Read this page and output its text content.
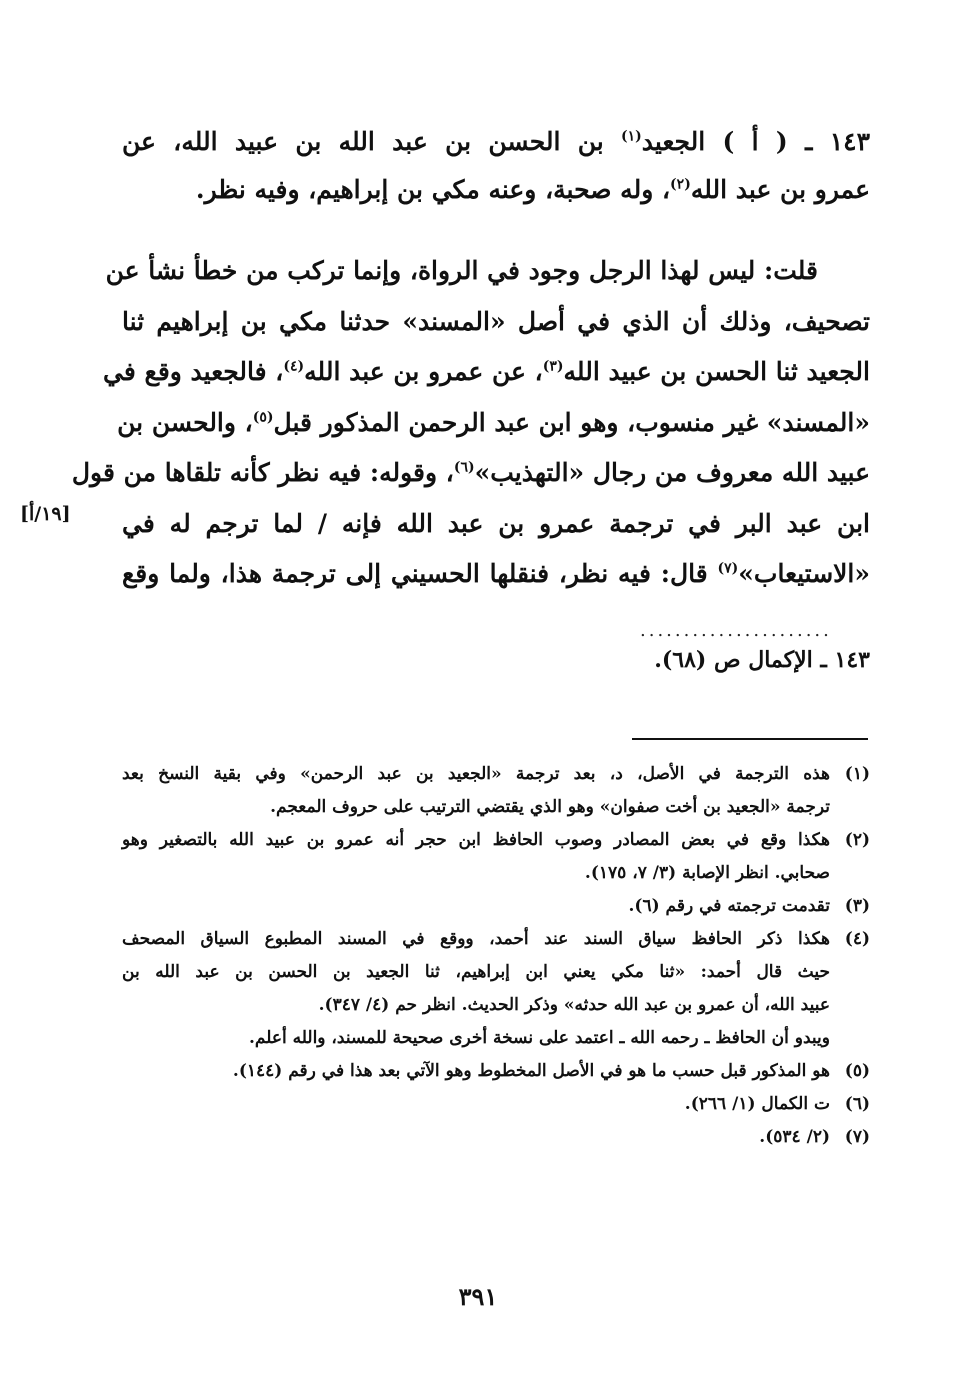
١٤٣ ـ ( أ ) الجعيد$^{(١)}$ بن الحسن بن عبد الله بن عبيد الله، عن
عمرو بن عبد الله$^{(٢)}$، وله صحبة، وعنه مكي بن إبراهيم، وفيه نظر.
قلت: ليس لهذا الرجل وجود في الرواة، وإنما تركب من خطأ نشأ عن
تصحيف، وذلك أن الذي في أصل «المسند» حدثنا مكي بن إبراهيم ثنا
الجعيد ثنا الحسن بن عبيد الله$^{(٣)}$، عن عمرو بن عبد الله$^{(٤)}$، فالجعيد وقع في
«المسند» غير منسوب، وهو ابن عبد الرحمن المذكور قبل$^{(٥)}$، والحسن بن
عبيد الله معروف من رجال «التهذيب»$^{(٦)}$، وقوله: فيه نظر كأنه تلقاها من قول
ابن عبد البر في ترجمة عمرو بن عبد الله فإنه / لما ترجم له في
«الاستيعاب»$^{(٧)}$ قال: فيه نظر، فنقلها الحسيني إلى ترجمة هذا، ولما وقع
[١٩/أ]
......................
١٤٣ ـ الإكمال ص (٦٨).
(١)
هذه الترجمة في الأصل، د، بعد ترجمة «الجعيد بن عبد الرحمن» وفي بقية النسخ بعد
ترجمة «الجعيد بن أخت صفوان» وهو الذي يقتضي الترتيب على حروف المعجم.
(٢)
هكذا وقع في بعض المصادر وصوب الحافظ ابن حجر أنه عمرو بن عبيد الله بالتصغير وهو
صحابي. انظر الإصابة (٣/ ٧، ١٧٥).
(٣)
تقدمت ترجمته في رقم (٦).
(٤)
هكذا ذكر الحافظ سياق السند عند أحمد، ووقع في المسند المطبوع السياق المصحف
حيث قال أحمد: «ثنا مكي يعني ابن إبراهيم، ثنا الجعيد بن الحسن بن عبد الله بن
عبيد الله، أن عمرو بن عبد الله حدثه» وذكر الحديث. انظر حم (٤/ ٣٤٧).
ويبدو أن الحافظ ـ رحمه الله ـ اعتمد على نسخة أخرى صحيحة للمسند، والله أعلم.
(٥)
هو المذكور قبل حسب ما هو في الأصل المخطوط وهو الآتي بعد هذا في رقم (١٤٤).
(٦)
ت الكمال (١/ ٢٦٦).
(٧)
(٢/ ٥٣٤).
٣٩١
